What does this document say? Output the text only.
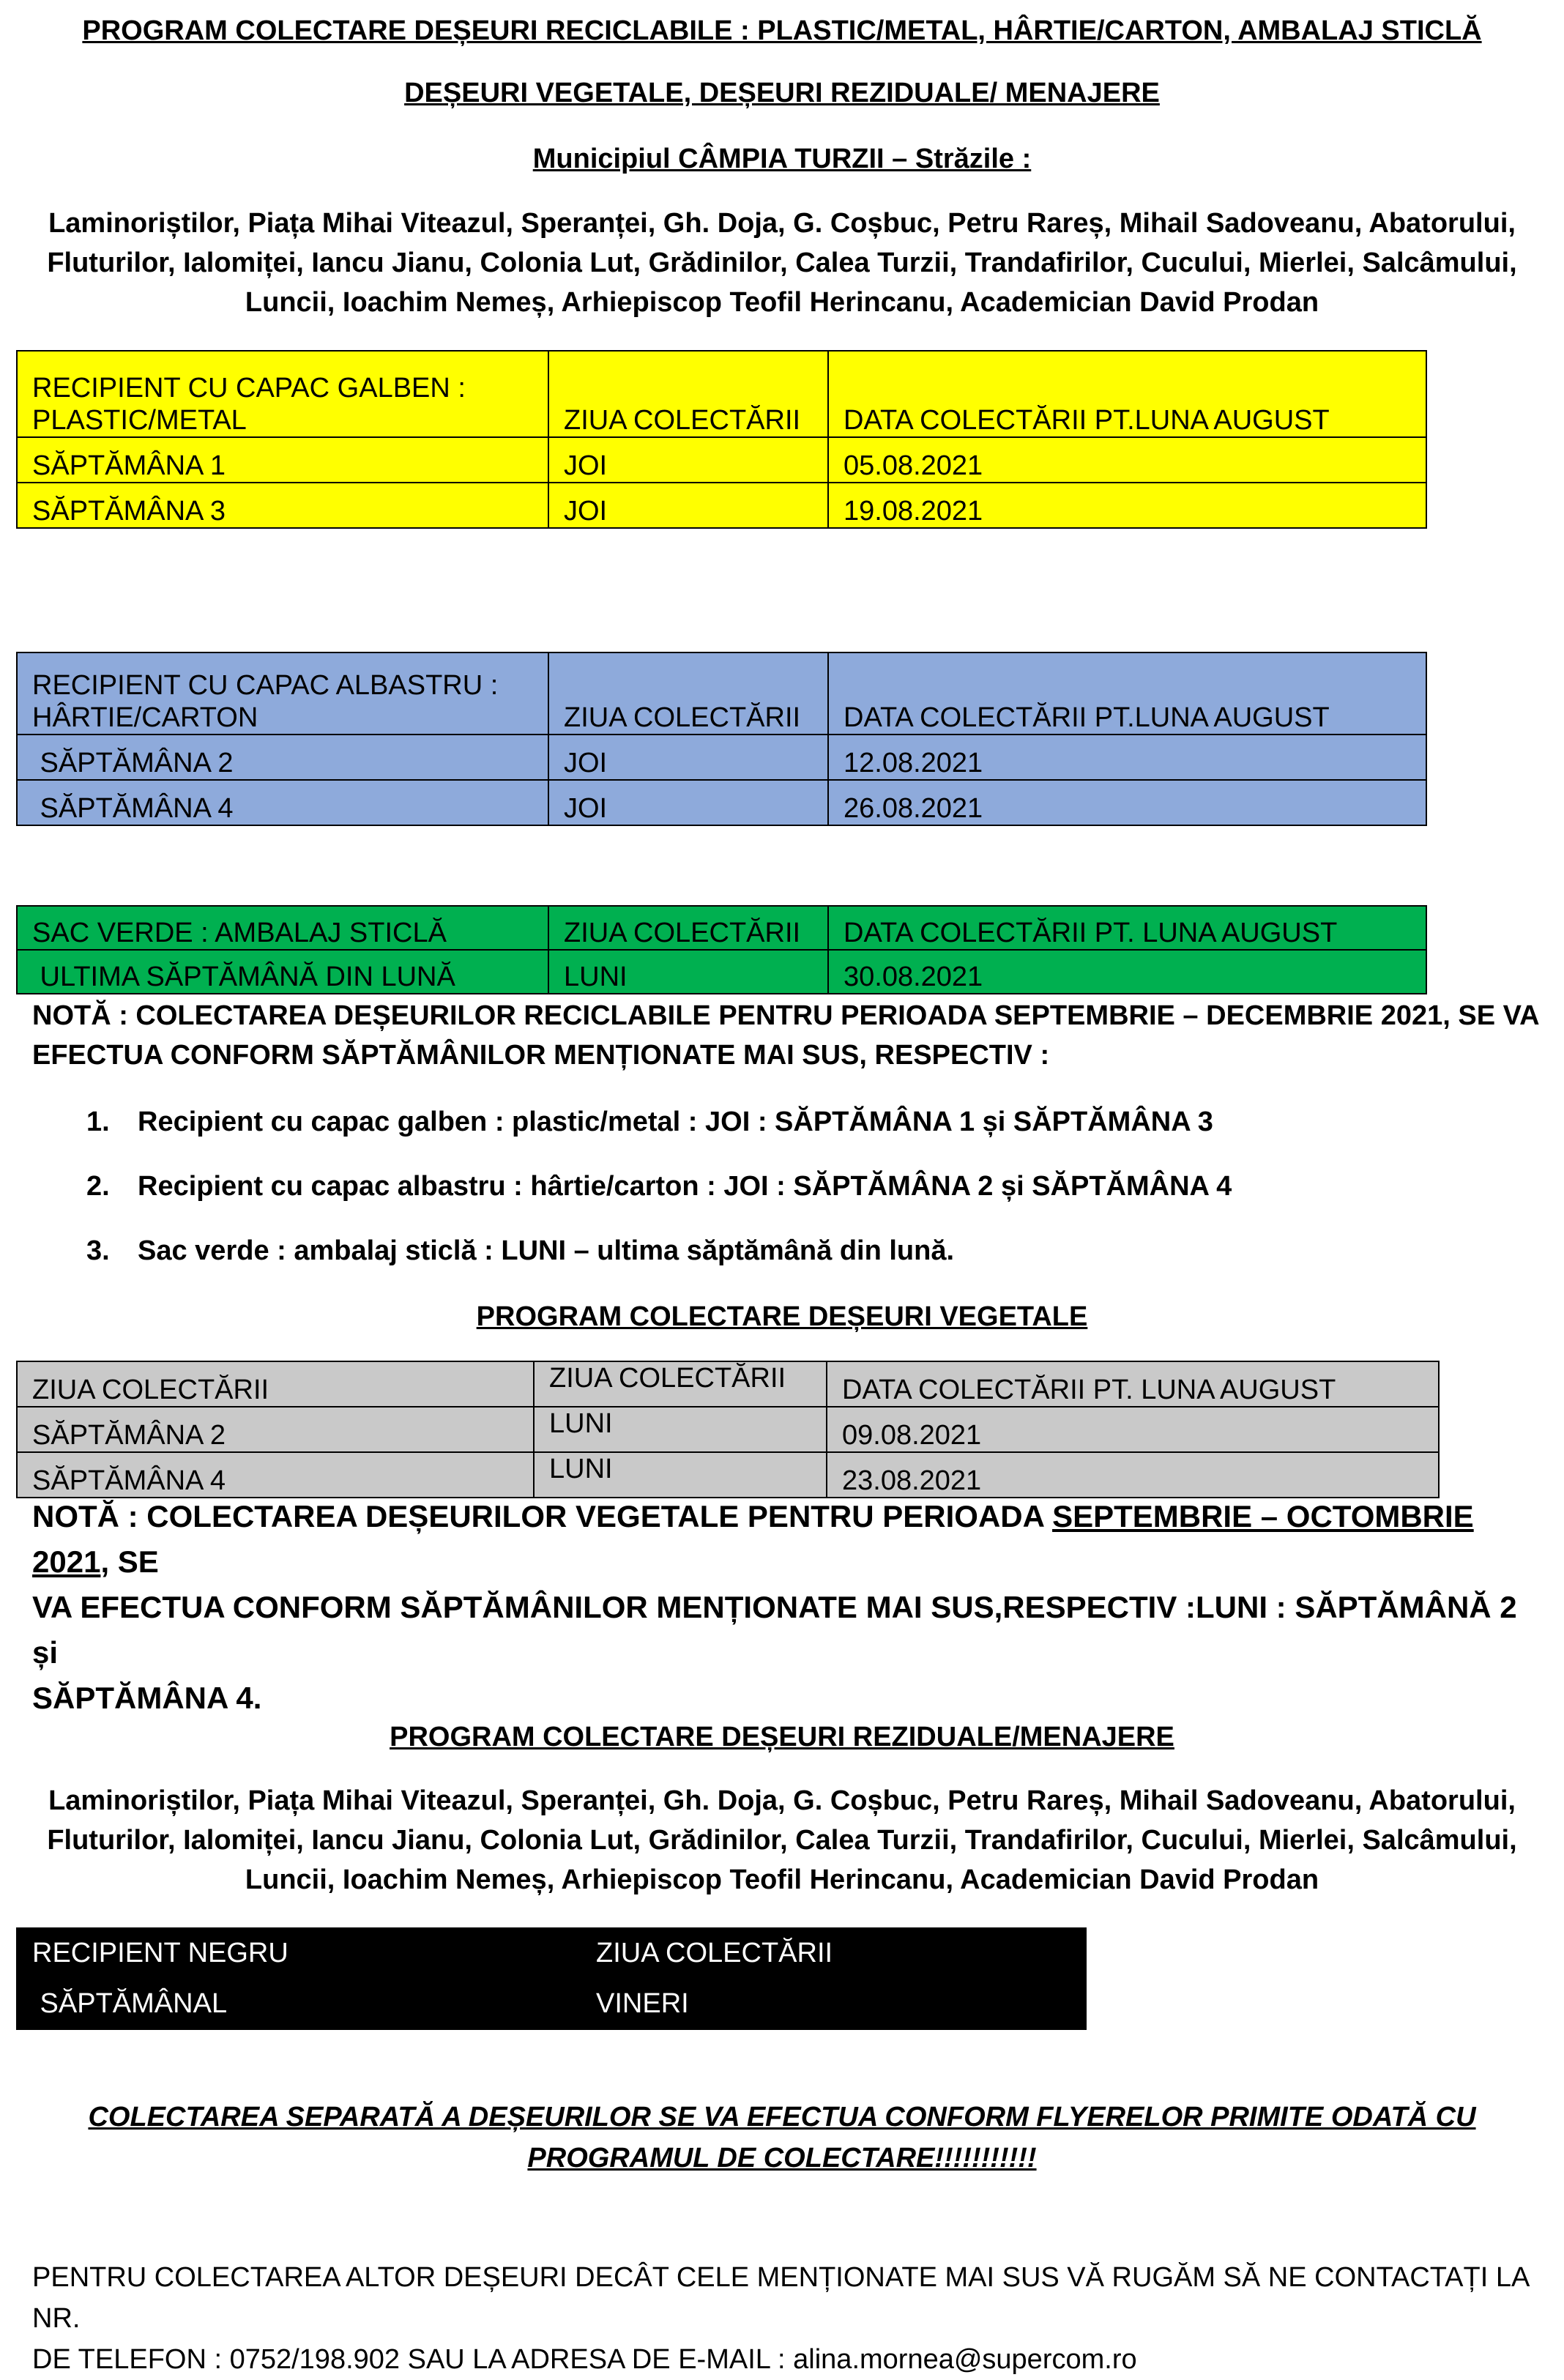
PROGRAM COLECTARE DEȘEURI RECICLABILE : PLASTIC/METAL, HÂRTIE/CARTON, AMBALAJ STICLĂ
DEȘEURI VEGETALE, DEȘEURI REZIDUALE/ MENAJERE
Municipiul CÂMPIA TURZII – Străzile :
Laminoriștilor, Piața Mihai Viteazul, Speranței, Gh. Doja, G. Coșbuc, Petru Rareș, Mihail Sadoveanu, Abatorului,
Fluturilor, Ialomiței, Iancu Jianu, Colonia Lut, Grădinilor, Calea Turzii, Trandafirilor, Cucului, Mierlei, Salcâmului,
Luncii, Ioachim Nemeș, Arhiepiscop Teofil Herincanu, Academician David Prodan
RECIPIENT CU CAPAC GALBEN :
PLASTIC/METAL	ZIUA COLECTĂRII	DATA COLECTĂRII PT.LUNA AUGUST
SĂPTĂMÂNA 1	JOI	05.08.2021
SĂPTĂMÂNA 3	JOI	19.08.2021
RECIPIENT CU CAPAC ALBASTRU :
HÂRTIE/CARTON	ZIUA COLECTĂRII	DATA COLECTĂRII PT.LUNA AUGUST
SĂPTĂMÂNA 2	JOI	12.08.2021
SĂPTĂMÂNA 4	JOI	26.08.2021
SAC VERDE : AMBALAJ STICLĂ	ZIUA COLECTĂRII	DATA COLECTĂRII PT. LUNA AUGUST
ULTIMA SĂPTĂMÂNĂ DIN LUNĂ	LUNI	30.08.2021
NOTĂ : COLECTAREA DEȘEURILOR RECICLABILE PENTRU PERIOADA SEPTEMBRIE – DECEMBRIE 2021, SE VA
EFECTUA CONFORM SĂPTĂMÂNILOR MENȚIONATE MAI SUS, RESPECTIV :
1. Recipient cu capac galben : plastic/metal : JOI : SĂPTĂMÂNA 1 și SĂPTĂMÂNA 3
2. Recipient cu capac albastru : hârtie/carton : JOI : SĂPTĂMÂNA 2 și SĂPTĂMÂNA 4
3. Sac verde : ambalaj sticlă : LUNI – ultima săptămână din lună.
PROGRAM COLECTARE DEȘEURI VEGETALE
ZIUA COLECTĂRII	ZIUA COLECTĂRII	DATA COLECTĂRII PT. LUNA AUGUST
SĂPTĂMÂNA 2	LUNI	09.08.2021
SĂPTĂMÂNA 4	LUNI	23.08.2021
NOTĂ : COLECTAREA DEȘEURILOR VEGETALE PENTRU PERIOADA SEPTEMBRIE – OCTOMBRIE 2021, SE
VA EFECTUA CONFORM SĂPTĂMÂNILOR MENȚIONATE MAI SUS,RESPECTIV :LUNI : SĂPTĂMÂNĂ 2 și
SĂPTĂMÂNA 4.
PROGRAM COLECTARE DEȘEURI REZIDUALE/MENAJERE
Laminoriștilor, Piața Mihai Viteazul, Speranței, Gh. Doja, G. Coșbuc, Petru Rareș, Mihail Sadoveanu, Abatorului,
Fluturilor, Ialomiței, Iancu Jianu, Colonia Lut, Grădinilor, Calea Turzii, Trandafirilor, Cucului, Mierlei, Salcâmului,
Luncii, Ioachim Nemeș, Arhiepiscop Teofil Herincanu, Academician David Prodan
RECIPIENT NEGRU	ZIUA COLECTĂRII
SĂPTĂMÂNAL	VINERI
COLECTAREA SEPARATĂ A DEȘEURILOR SE VA EFECTUA CONFORM FLYERELOR PRIMITE ODATĂ CU
PROGRAMUL DE COLECTARE!!!!!!!!!!!
PENTRU COLECTAREA ALTOR DEȘEURI DECÂT CELE MENȚIONATE MAI SUS VĂ RUGĂM SĂ NE CONTACTAȚI LA NR.
DE TELEFON : 0752/198.902 SAU LA ADRESA DE E-MAIL : alina.mornea@supercom.ro
